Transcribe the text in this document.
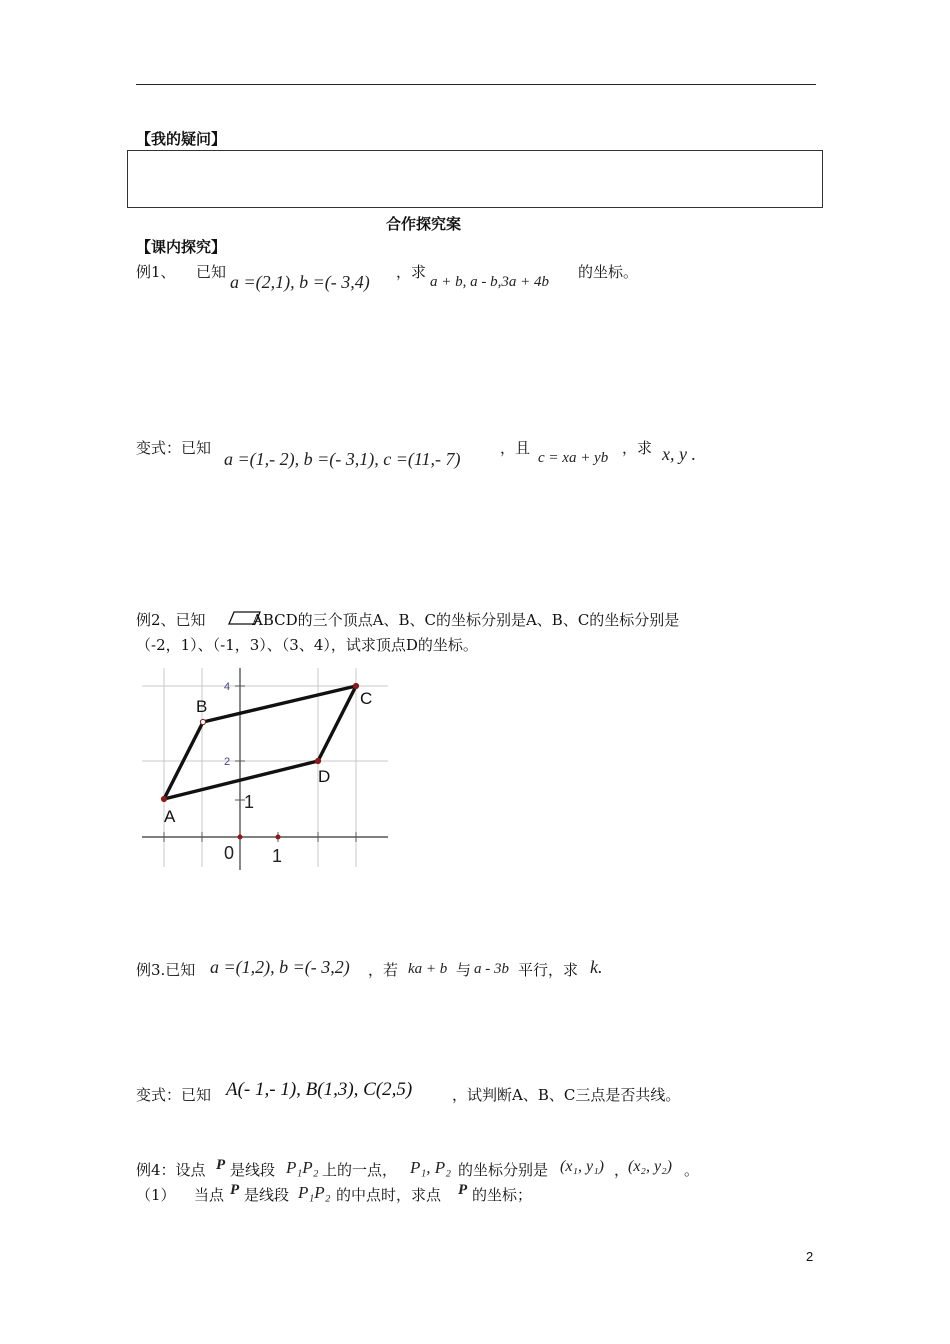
【我的疑问】
合作探究案
【课内探究】
例1、 已知 a =(2,1), b =(- 3,4) ，求
a + b, a - b,3a + 4b
的坐标。
变式：已知
a =(1,- 2), b =(- 3,1), c =(11,- 7)
，且
c = xa + yb
，求 x, y .
例2、已知	ABCD的三个顶点A、B、C的坐标分别是A、B、C的坐标分别是
（-2，1）、（-1，3）、（3、4），试求顶点D的坐标。
A
B	C
D
4
2
1
0 1
例3.已知 a =(1,2), b =(- 3,2) ，若 ka + b 与 a - 3b 平行，求 k.
变式：已知 A(- 1,- 1), B(1,3), C(2,5)	，试判断A、B、C三点是否共线。
例4：设点 P 是线段 P₁P₂ 上的一点， P₁, P₂ 的坐标分别是 (x₁, y₁) ，
(x₂, y₂) 。
（1） 当点 P 是线段 P₁P₂ 的中点时，求点 P 的坐标；
2
